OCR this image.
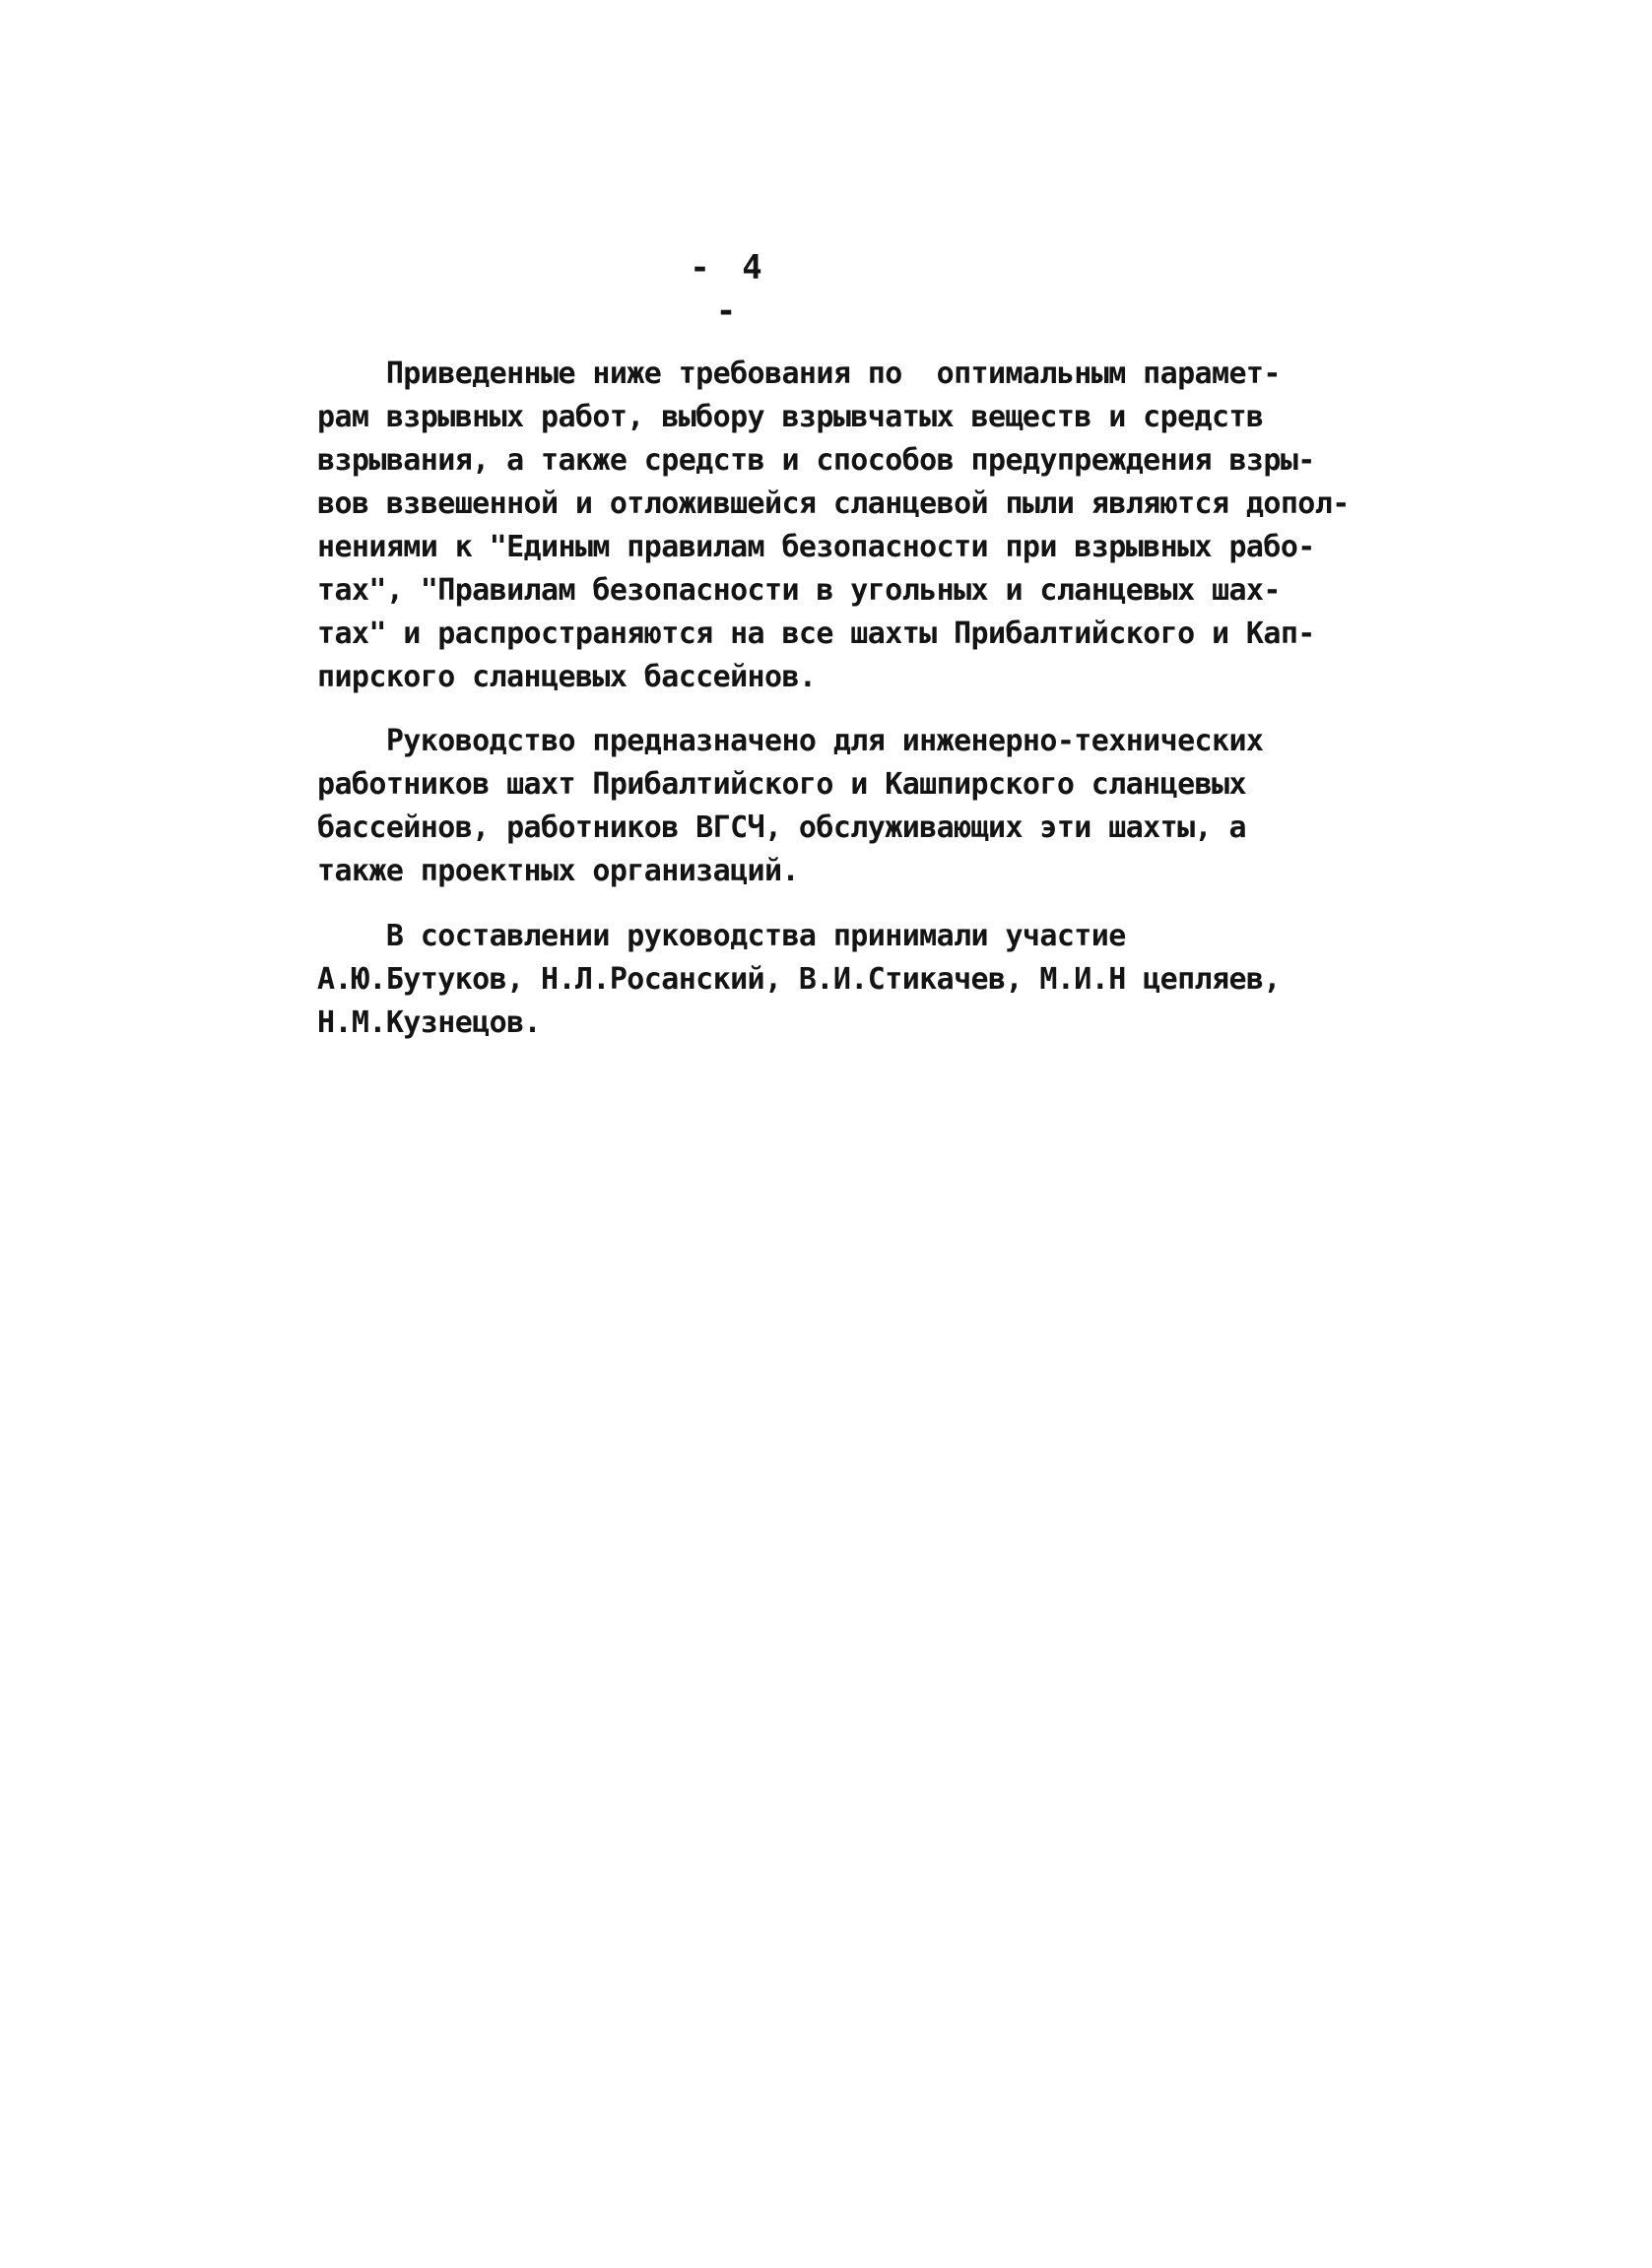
- 4 -
Приведенные ниже требования по  оптимальным парамет-
рам взрывных работ, выбору взрывчатых веществ и средств
взрывания, а также средств и способов предупреждения взры-
вов взвешенной и отложившейся сланцевой пыли являются допол-
нениями к "Единым правилам безопасности при взрывных рабо-
тах", "Правилам безопасности в угольных и сланцевых шах-
тах" и распространяются на все шахты Прибалтийского и Кап-
пирского сланцевых бассейнов.
Руководство предназначено для инженерно-технических
работников шахт Прибалтийского и Кашпирского сланцевых
бассейнов, работников ВГСЧ, обслуживающих эти шахты, а
также проектных организаций.
В составлении руководства принимали участие
А.Ю.Бутуков, Н.Л.Росанский, В.И.Стикачев, М.И.Н цепляев,
Н.М.Кузнецов.
